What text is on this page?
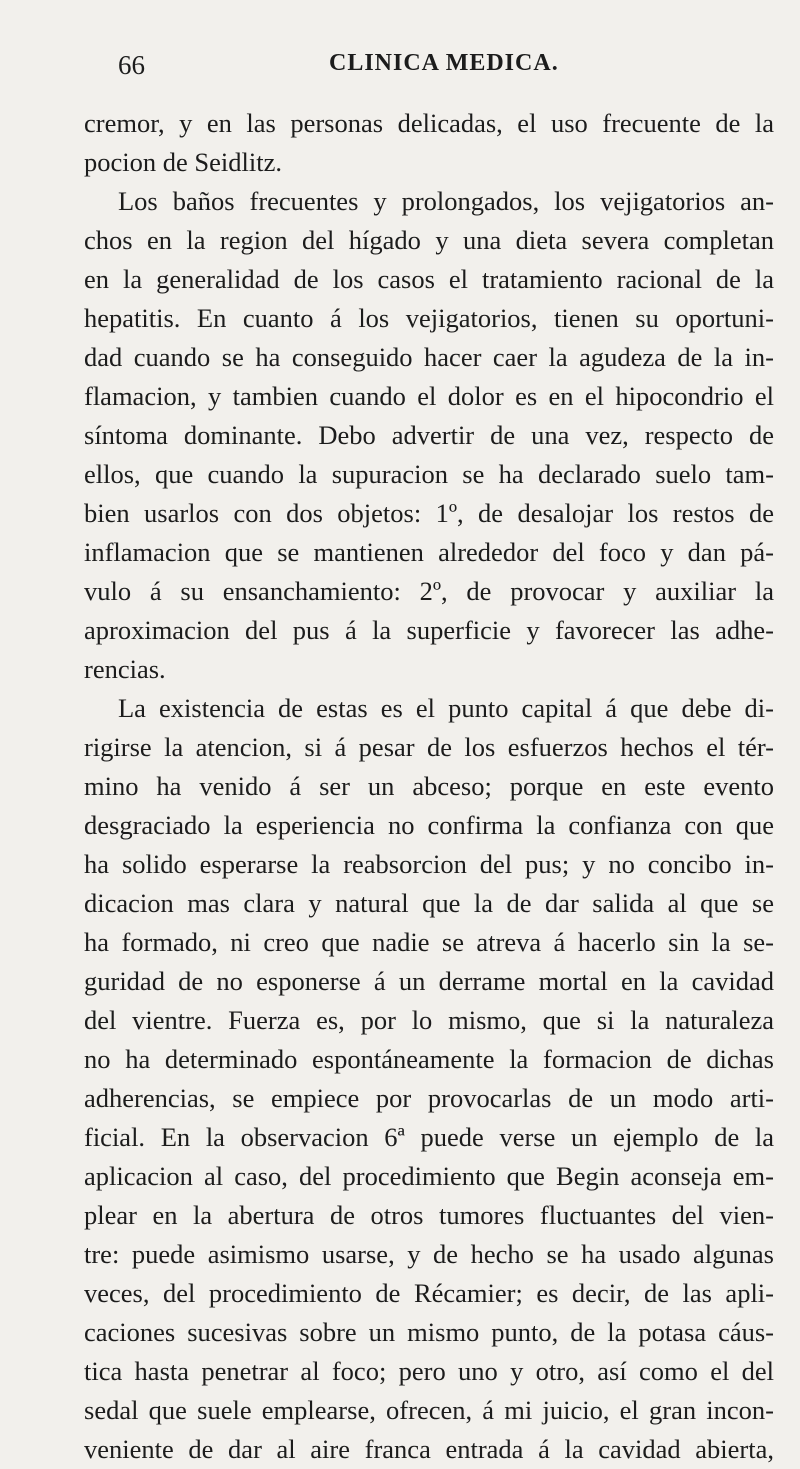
66	CLINICA MEDICA.
cremor, y en las personas delicadas, el uso frecuente de la
pocion de Seidlitz.
Los baños frecuentes y prolongados, los vejigatorios an-
chos en la region del hígado y una dieta severa completan
en la generalidad de los casos el tratamiento racional de la
hepatitis. En cuanto á los vejigatorios, tienen su oportuni-
dad cuando se ha conseguido hacer caer la agudeza de la in-
flamacion, y tambien cuando el dolor es en el hipocondrio el
síntoma dominante. Debo advertir de una vez, respecto de
ellos, que cuando la supuracion se ha declarado suelo tam-
bien usarlos con dos objetos: 1º, de desalojar los restos de
inflamacion que se mantienen alrededor del foco y dan pá-
vulo á su ensanchamiento: 2º, de provocar y auxiliar la
aproximacion del pus á la superficie y favorecer las adhe-
rencias.
La existencia de estas es el punto capital á que debe di-
rigirse la atencion, si á pesar de los esfuerzos hechos el tér-
mino ha venido á ser un abceso; porque en este evento
desgraciado la esperiencia no confirma la confianza con que
ha solido esperarse la reabsorcion del pus; y no concibo in-
dicacion mas clara y natural que la de dar salida al que se
ha formado, ni creo que nadie se atreva á hacerlo sin la se-
guridad de no esponerse á un derrame mortal en la cavidad
del vientre. Fuerza es, por lo mismo, que si la naturaleza
no ha determinado espontáneamente la formacion de dichas
adherencias, se empiece por provocarlas de un modo arti-
ficial. En la observacion 6ª puede verse un ejemplo de la
aplicacion al caso, del procedimiento que Begin aconseja em-
plear en la abertura de otros tumores fluctuantes del vien-
tre: puede asimismo usarse, y de hecho se ha usado algunas
veces, del procedimiento de Récamier; es decir, de las apli-
caciones sucesivas sobre un mismo punto, de la potasa cáus-
tica hasta penetrar al foco; pero uno y otro, así como el del
sedal que suele emplearse, ofrecen, á mi juicio, el gran incon-
veniente de dar al aire franca entrada á la cavidad abierta,
